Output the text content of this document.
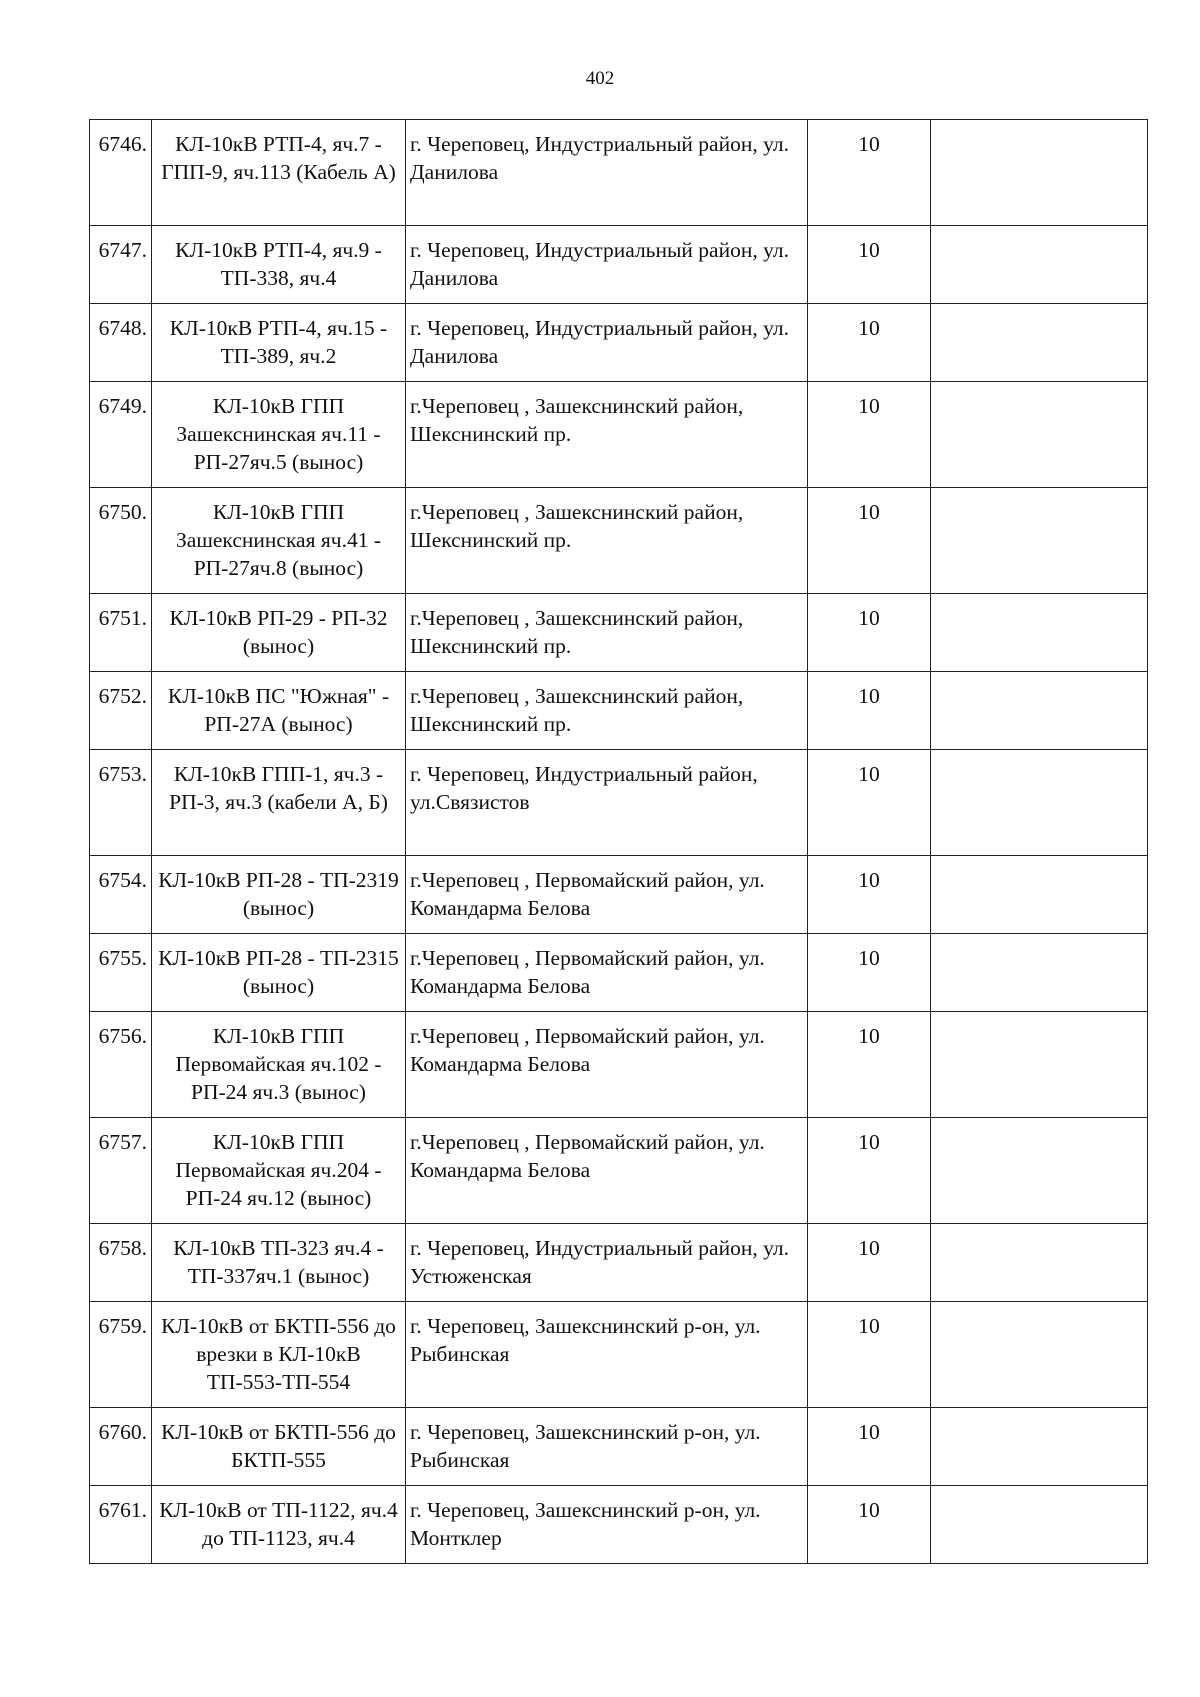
402
6746.	КЛ-10кВ РТП-4, яч.7 - ГПП-9, яч.113 (Кабель А)	г. Череповец, Индустриальный район, ул. Данилова	10	
6747.	КЛ-10кВ РТП-4, яч.9 - ТП-338, яч.4	г. Череповец, Индустриальный район, ул. Данилова	10	
6748.	КЛ-10кВ РТП-4, яч.15 - ТП-389, яч.2	г. Череповец, Индустриальный район, ул. Данилова	10	
6749.	КЛ-10кВ ГПП Зашекснинская яч.11 - РП-27яч.5 (вынос)	г.Череповец , Зашекснинский район, Шекснинский пр.	10	
6750.	КЛ-10кВ ГПП Зашекснинская яч.41 - РП-27яч.8 (вынос)	г.Череповец , Зашекснинский район, Шекснинский пр.	10	
6751.	КЛ-10кВ РП-29 - РП-32 (вынос)	г.Череповец , Зашекснинский район, Шекснинский пр.	10	
6752.	КЛ-10кВ ПС "Южная" - РП-27А (вынос)	г.Череповец , Зашекснинский район, Шекснинский пр.	10	
6753.	КЛ-10кВ ГПП-1, яч.3 - РП-3, яч.3 (кабели А, Б)	г. Череповец, Индустриальный район, ул.Связистов	10	
6754.	КЛ-10кВ РП-28 - ТП-2319 (вынос)	г.Череповец , Первомайский район, ул. Командарма Белова	10	
6755.	КЛ-10кВ РП-28 - ТП-2315 (вынос)	г.Череповец , Первомайский район, ул. Командарма Белова	10	
6756.	КЛ-10кВ ГПП Первомайская яч.102 - РП-24 яч.3 (вынос)	г.Череповец , Первомайский район, ул. Командарма Белова	10	
6757.	КЛ-10кВ ГПП Первомайская яч.204 - РП-24 яч.12 (вынос)	г.Череповец , Первомайский район, ул. Командарма Белова	10	
6758.	КЛ-10кВ ТП-323 яч.4 - ТП-337яч.1 (вынос)	г. Череповец, Индустриальный район, ул. Устюженская	10	
6759.	КЛ-10кВ от БКТП-556 до врезки в КЛ-10кВ ТП-553-ТП-554	г. Череповец, Зашекснинский р-он, ул. Рыбинская	10	
6760.	КЛ-10кВ от БКТП-556 до БКТП-555	г. Череповец, Зашекснинский р-он, ул. Рыбинская	10	
6761.	КЛ-10кВ от ТП-1122, яч.4 до ТП-1123, яч.4	г. Череповец, Зашекснинский р-он, ул. Монтклер	10	
